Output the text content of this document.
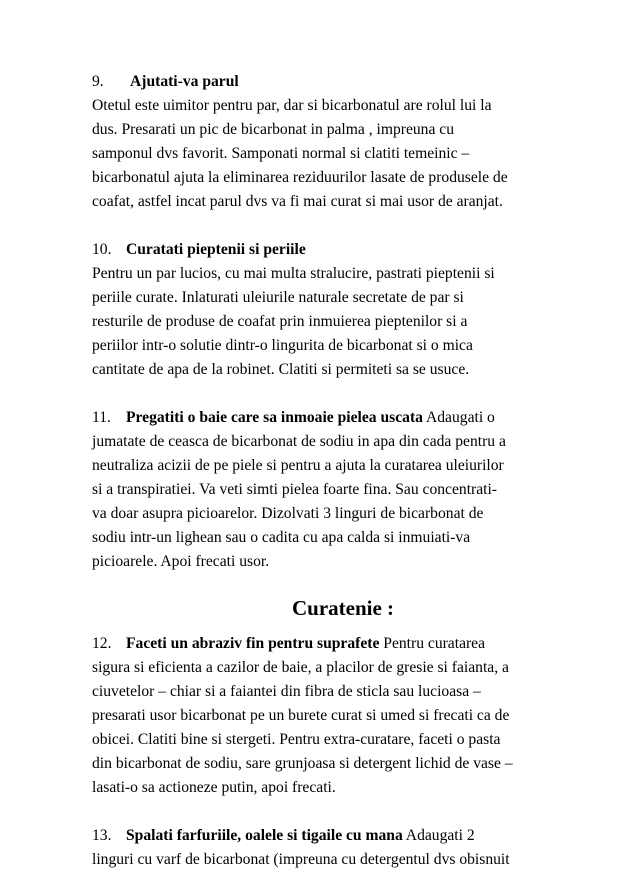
9. Ajutati-va parul
Otetul este uimitor pentru par, dar si bicarbonatul are rolul lui la
dus. Presarati un pic de bicarbonat in palma , impreuna cu
samponul dvs favorit. Samponati normal si clatiti temeinic –
bicarbonatul ajuta la eliminarea reziduurilor lasate de produsele de
coafat, astfel incat parul dvs va fi mai curat si mai usor de aranjat.
10. Curatati pieptenii si periile
Pentru un par lucios, cu mai multa stralucire, pastrati pieptenii si
periile curate. Inlaturati uleiurile naturale secretate de par si
resturile de produse de coafat prin inmuierea pieptenilor si a
periilor intr-o solutie dintr-o lingurita de bicarbonat si o mica
cantitate de apa de la robinet. Clatiti si permiteti sa se usuce.
11. Pregatiti o baie care sa inmoaie pielea uscata Adaugati o
jumatate de ceasca de bicarbonat de sodiu in apa din cada pentru a
neutraliza acizii de pe piele si pentru a ajuta la curatarea uleiurilor
si a transpiratiei. Va veti simti pielea foarte fina. Sau concentrati-
va doar asupra picioarelor. Dizolvati 3 linguri de bicarbonat de
sodiu intr-un lighean sau o cadita cu apa calda si inmuiati-va
picioarele. Apoi frecati usor.
Curatenie :
12. Faceti un abraziv fin pentru suprafete Pentru curatarea
sigura si eficienta a cazilor de baie, a placilor de gresie si faianta, a
ciuvetelor – chiar si a faiantei din fibra de sticla sau lucioasa –
presarati usor bicarbonat pe un burete curat si umed si frecati ca de
obicei. Clatiti bine si stergeti. Pentru extra-curatare, faceti o pasta
din bicarbonat de sodiu, sare grunjoasa si detergent lichid de vase –
lasati-o sa actioneze putin, apoi frecati.
13. Spalati farfuriile, oalele si tigaile cu mana Adaugati 2
linguri cu varf de bicarbonat (impreuna cu detergentul dvs obisnuit
